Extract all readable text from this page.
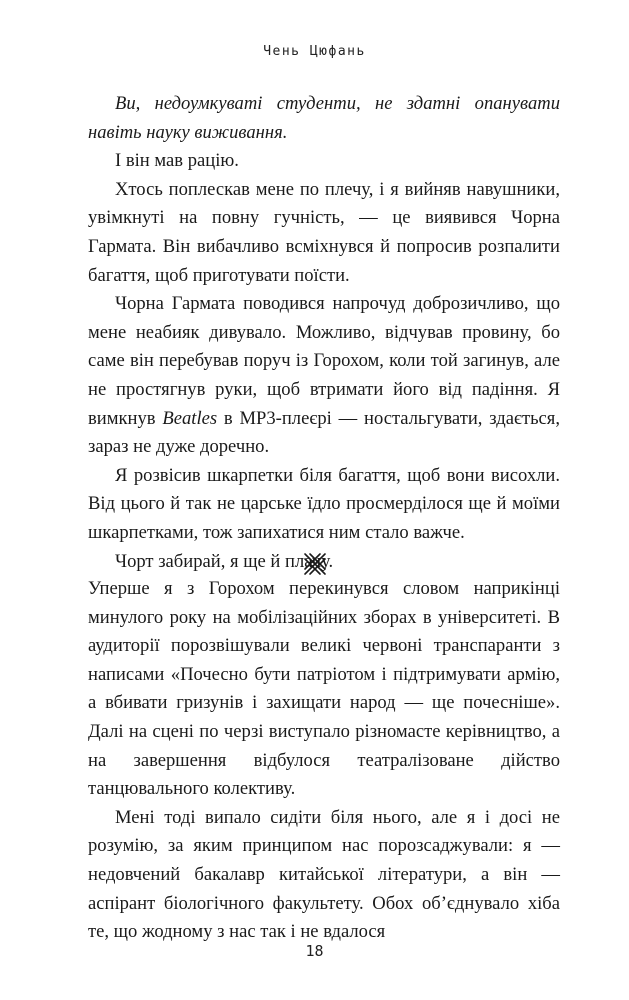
Чень Цюфань

Ви, недоумкуваті студенти, не здатні опанувати навіть науку виживання.

І він мав рацію.

Хтось поплескав мене по плечу, і я вийняв навушники, увімкнуті на повну гучність, — це виявився Чорна Гармата. Він вибачливо всміхнувся й попросив розпалити багаття, щоб приготувати поїсти.

Чорна Гармата поводився напрочуд доброзичливо, що мене неабияк дивувало. Можливо, відчував провину, бо саме він перебував поруч із Горохом, коли той загинув, але не простягнув руки, щоб втримати його від падіння. Я вимкнув Beatles в MP3-плеєрі — ностальгувати, здається, зараз не дуже доречно.

Я розвісив шкарпетки біля багаття, щоб вони висохли. Від цього й так не царське їдло просмерділося ще й моїми шкарпетками, тож запихатися ним стало важче.

Чорт забирай, я ще й плачу.

Уперше я з Горохом перекинувся словом наприкінці минулого року на мобілізаційних зборах в університеті. В аудиторії порозвішували великі червоні транспаранти з написами «Почесно бути патріотом і підтримувати армію, а вбивати гризунів і захищати народ — ще почесніше». Далі на сцені по черзі виступало різномасте керівництво, а на завершення відбулося театралізоване дійство танцювального колективу.

Мені тоді випало сидіти біля нього, але я і досі не розумію, за яким принципом нас порозсаджували: я — недовчений бакалавр китайської літератури, а він — аспірант біологічного факультету. Обох об’єднувало хіба те, що жодному з нас так і не вдалося

18
